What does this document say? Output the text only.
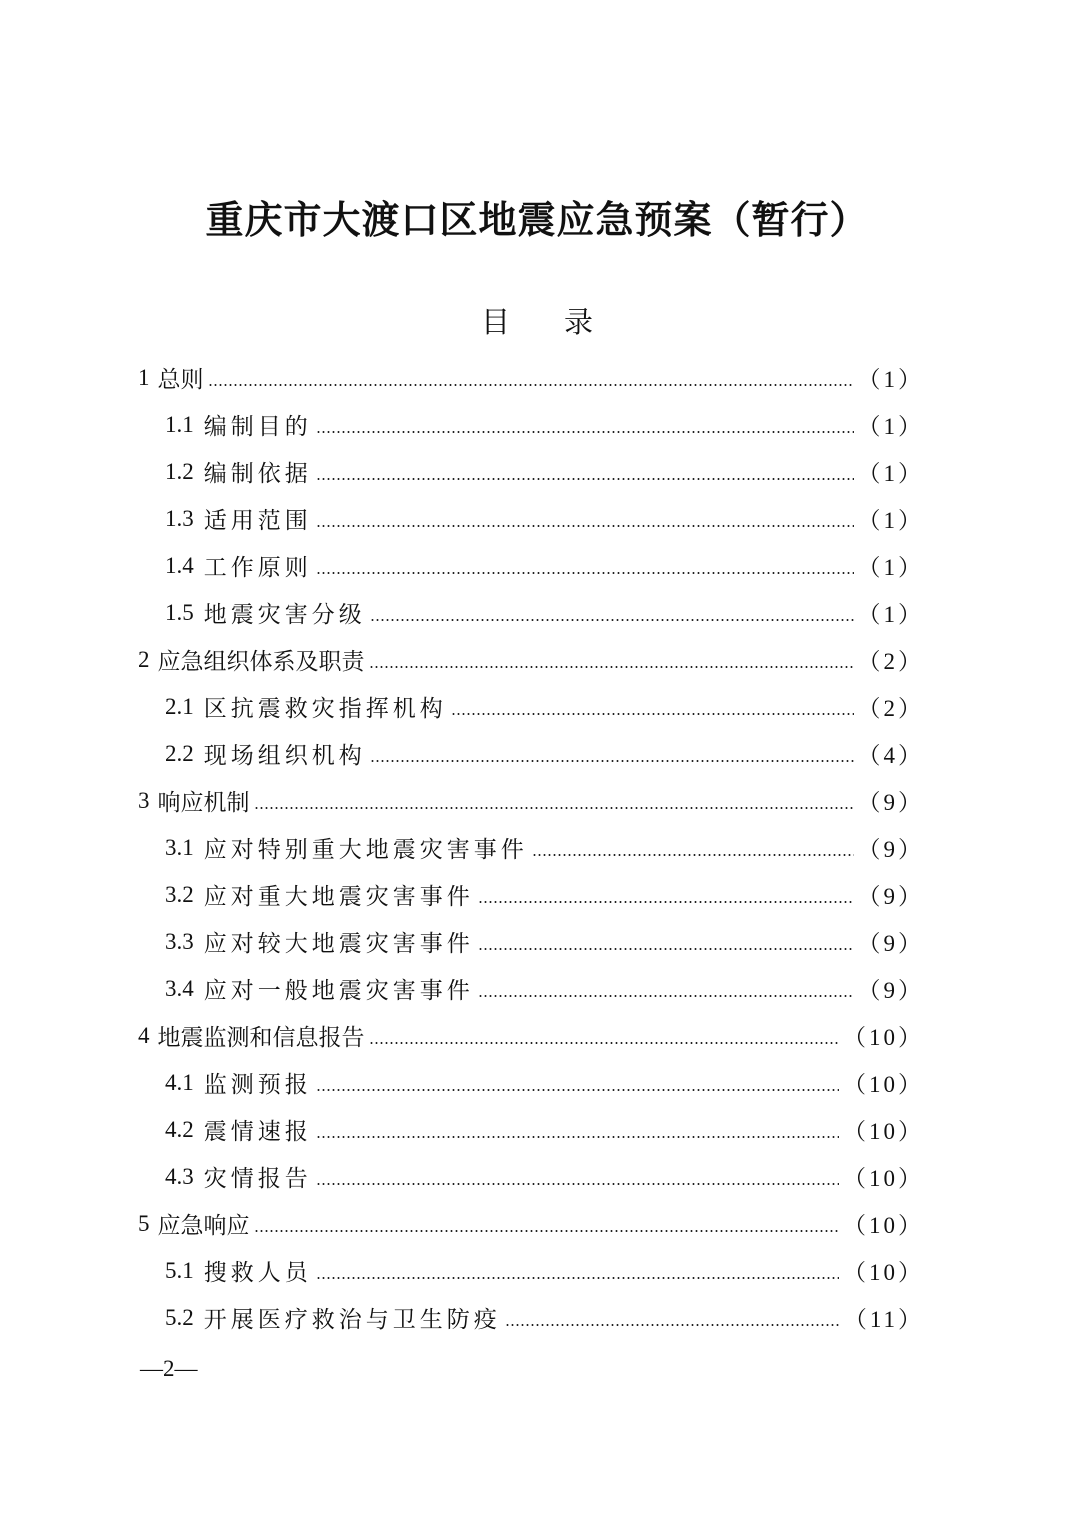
重庆市大渡口区地震应急预案（暂行）
目 录
1 总则	（1）
1.1 编制目的	（1）
1.2 编制依据	（1）
1.3 适用范围	（1）
1.4 工作原则	（1）
1.5 地震灾害分级	（1）
2 应急组织体系及职责	（2）
2.1 区抗震救灾指挥机构	（2）
2.2 现场组织机构	（4）
3 响应机制	（9）
3.1 应对特别重大地震灾害事件	（9）
3.2 应对重大地震灾害事件	（9）
3.3 应对较大地震灾害事件	（9）
3.4 应对一般地震灾害事件	（9）
4 地震监测和信息报告	（10）
4.1 监测预报	（10）
4.2 震情速报	（10）
4.3 灾情报告	（10）
5 应急响应	（10）
5.1 搜救人员	（10）
5.2 开展医疗救治与卫生防疫	（11）
—2—
